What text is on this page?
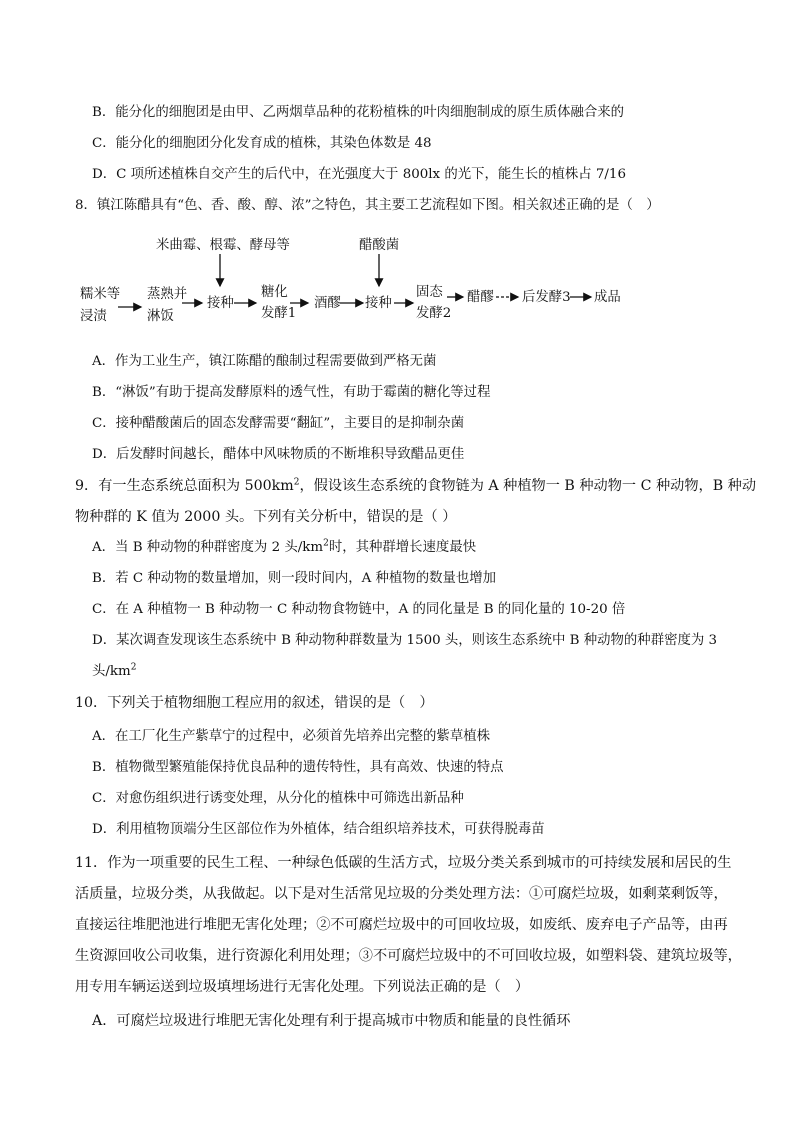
B．能分化的细胞团是由甲、乙两烟草品种的花粉植株的叶肉细胞制成的原生质体融合来的
C．能分化的细胞团分化发育成的植株，其染色体数是 48
D．C 项所述植株自交产生的后代中，在光强度大于 800lx 的光下，能生长的植株占 7/16
8．镇江陈醋具有“色、香、酸、醇、浓”之特色，其主要工艺流程如下图。相关叙述正确的是（　）
米曲霉、根霉、酵母等	醋酸菌
糯米等
浸渍
蒸熟并
淋饭
接种
糖化
发酵1
酒醪 接种
固态
发酵2
醋醪 后发酵3 成品
A．作为工业生产，镇江陈醋的酿制过程需要做到严格无菌
B．“淋饭”有助于提高发酵原料的透气性，有助于霉菌的糖化等过程
C．接种醋酸菌后的固态发酵需要“翻缸”，主要目的是抑制杂菌
D．后发酵时间越长，醋体中风味物质的不断堆积导致醋品更佳
9．有一生态系统总面积为 $500km^2$，假设该生态系统的食物链为 A 种植物一 B 种动物一 C 种动物，B 种动
物种群的 K 值为 2000 头。下列有关分析中，错误的是（ ）
A．当 B 种动物的种群密度为 2 头$/km^2$时，其种群增长速度最快
B．若 C 种动物的数量增加，则一段时间内，A 种植物的数量也增加
C．在 A 种植物一 B 种动物一 C 种动物食物链中，A 的同化量是 B 的同化量的 10-20 倍
D．某次调查发现该生态系统中 B 种动物种群数量为 1500 头，则该生态系统中 B 种动物的种群密度为 3
头$/km^2$
10．下列关于植物细胞工程应用的叙述，错误的是（　）
A．在工厂化生产紫草宁的过程中，必须首先培养出完整的紫草植株
B．植物微型繁殖能保持优良品种的遗传特性，具有高效、快速的特点
C．对愈伤组织进行诱变处理，从分化的植株中可筛选出新品种
D．利用植物顶端分生区部位作为外植体，结合组织培养技术，可获得脱毒苗
11．作为一项重要的民生工程、一种绿色低碳的生活方式，垃圾分类关系到城市的可持续发展和居民的生
活质量，垃圾分类，从我做起。以下是对生活常见垃圾的分类处理方法：①可腐烂垃圾，如剩菜剩饭等，
直接运往堆肥池进行堆肥无害化处理；②不可腐烂垃圾中的可回收垃圾，如废纸、废弃电子产品等，由再
生资源回收公司收集，进行资源化利用处理；③不可腐烂垃圾中的不可回收垃圾，如塑料袋、建筑垃圾等，
用专用车辆运送到垃圾填埋场进行无害化处理。下列说法正确的是（　）
A．可腐烂垃圾进行堆肥无害化处理有利于提高城市中物质和能量的良性循环
